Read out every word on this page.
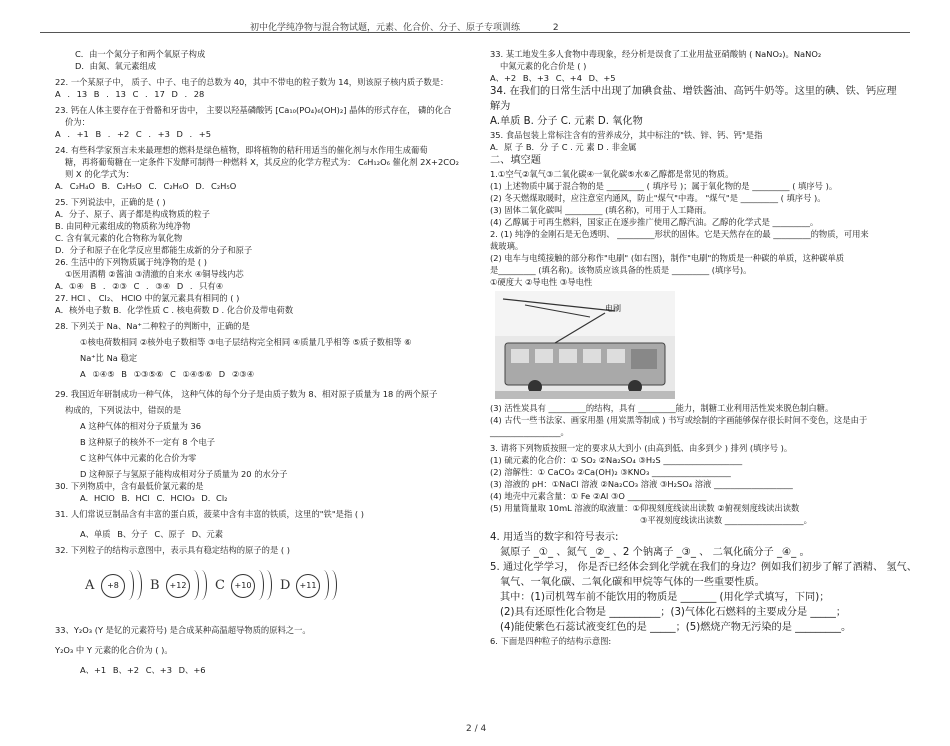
初中化学纯净物与混合物试题，元素、化合价、分子、原子专项训练	2
C．由一个氮分子和两个氧原子构成
D．由氮、氧元素组成
22. 一个某原子中， 质子、中子、电子的总数为 40，其中不带电的粒子数为 14，则该原子核内质子数是：
A . 13 B . 13 C . 17 D . 28
23. 钙在人体主要存在于骨骼和牙齿中， 主要以羟基磷酸钙 [Ca₁₀(PO₄)₆(OH)₂] 晶体的形式存在， 磷的化合
价为：
A . +1 B . +2 C . +3 D . +5
24. 有些科学家预言未来最理想的燃料是绿色植物，即将植物的秸秆用适当的催化剂与水作用生成葡萄
糖，再将葡萄糖在一定条件下发酵可制得一种燃料 X，其反应的化学方程式为： C₆H₁₂O₆ 催化剂 2X+2CO₂
则 X 的化学式为：
A. C₂H₄O B. C₂H₅O C. C₂H₆O D. C₂H₅O
25. 下列说法中，正确的是 ( )
A．分子、原子、离子都是构成物质的粒子
B. 由同种元素组成的物质称为纯净物
C. 含有氧元素的化合物称为氧化物
D．分子和原子在化学反应里都能生成新的分子和原子
26. 生活中的下列物质属于纯净物的是 ( )
①医用酒精 ②酱油 ③清澈的自来水 ④铜导线内芯
A．①④ B . ②③ C . ③④ D . 只有④
27. HCl 、 Cl₂、 HClO 中的氯元素具有相同的 ( )
A．核外电子数 B．化学性质 C . 核电荷数 D . 化合价及带电荷数
28. 下列关于 Na、Na⁺二种粒子的判断中，正确的是
①核电荷数相同 ②核外电子数相等 ③电子层结构完全相同 ④质量几乎相等 ⑤质子数相等 ⑥
Na⁺比 Na 稳定
A ①④⑤ B ①③⑤⑥ C ①④⑤⑥ D ②③④
29. 我国近年研制成功一种气体， 这种气体的每个分子是由质子数为 8、相对原子质量为 18 的两个原子
构成的，下列说法中，错误的是
A 这种气体的相对分子质量为 36
B 这种原子的核外不一定有 8 个电子
C 这种气体中元素的化合价为零
D 这种原子与氢原子能构成相对分子质量为 20 的水分子
30. 下列物质中，含有最低价氯元素的是
A．HClO B．HCl C．HClO₃ D．Cl₂
31. 人们常说豆制品含有丰富的蛋白质，菠菜中含有丰富的铁质，这里的"铁"是指 ( )
A、单质 B、分子 C、原子 D、元素
32. 下列粒子的结构示意图中，表示具有稳定结构的原子的是 ( )
A	+8	B	+12 C	+10 D	+11
33、Y₂O₃ (Y 是钇的元素符号) 是合成某种高温超导物质的原料之一。
Y₂O₃ 中 Y 元素的化合价为 ( )。
A、+1 B、+2 C、+3 D、+6
33. 某工地发生多人食物中毒现象，经分析是误食了工业用盐亚硝酸钠 ( NaNO₂)。NaNO₂
中氮元素的化合价是 ( )
A、+2 B、+3 C、+4 D、+5
34. 在我们的日常生活中出现了加碘食盐、增铁酱油、高钙牛奶等。这里的碘、铁、钙应理
解为
A.单质 B. 分子 C. 元素 D. 氧化物
35. 食品包装上常标注含有的营养成分，其中标注的"铁、锌、钙、钙"是指
A．原 子 B．分 子 C . 元 素 D . 非金属
二、填空题
1.①空气②氧气③二氧化碳④一氧化碳⑤水⑥乙醇都是常见的物质。
(1) 上述物质中属于混合物的是 _________ ( 填序号 )；属于氧化物的是 _________ ( 填序号 )。
(2) 冬天燃煤取暖时，应注意室内通风，防止"煤气"中毒。 "煤气"是 _________ ( 填序号 )。
(3) 固体二氧化碳叫 _________ (填名称)，可用于人工降雨。
(4) 乙醇属于可再生燃料，国家正在逐步推广使用乙醇汽油。乙醇的化学式是 _________。
2. (1) 纯净的金刚石是无色透明、 _________形状的固体。它是天然存在的最 _________的物质，可用来
裁玻璃。
(2) 电车与电缆接触的部分称作"电刷" (如右图)，制作"电刷"的物质是一种碳的单质，这种碳单质
是_________ (填名称)。该物质应该具备的性质是 _________ (填序号)。
①硬度大 ②导电性 ③导电性
电刷
(3) 活性炭具有 _________的结构，具有 _________能力，制糖工业利用活性炭来脱色制白糖。
(4) 古代一些书法家、画家用墨 (用炭黑等制成 ) 书写或绘制的字画能够保存很长时间不变色，这是由于
_________________。
3. 请将下列物质按照一定的要求从大到小 (由高到低、由多到少 ) 排列 (填序号 )。
(1) 硫元素的化合价：① SO₂ ②Na₂SO₄ ③H₂S ___________________
(2) 溶解性：① CaCO₃ ②Ca(OH)₂ ③KNO₃ ___________________
(3) 溶液的 pH：①NaCl 溶液 ②Na₂CO₃ 溶液 ③H₂SO₄ 溶液 ___________________
(4) 地壳中元素含量：① Fe ②Al ③O ___________________
(5) 用量筒量取 10mL 溶液的取液量：①仰视刻度线读出读数 ②俯视刻度线读出读数
③平视刻度线读出读数 ___________________。
4. 用适当的数字和符号表示:
氮原子 _①_ 、氮气 _②_ 、2 个钠离子 _③_ 、 二氧化硫分子 _④_ 。
5. 通过化学学习， 你是否已经体会到化学就在我们的身边？例如我们初步了解了酒精、 氢气、
氧气、一氧化碳、二氧化碳和甲烷等气体的一些重要性质。
其中：(1)司机驾车前不能饮用的物质是 _______ (用化学式填写，下同)；
(2)具有还原性化合物是 __________；(3)气体化石燃料的主要成分是 _____；
(4)能使紫色石蕊试液变红色的是 _____；(5)燃烧产物无污染的是 _________。
6. 下面是四种粒子的结构示意图:
2 / 4
